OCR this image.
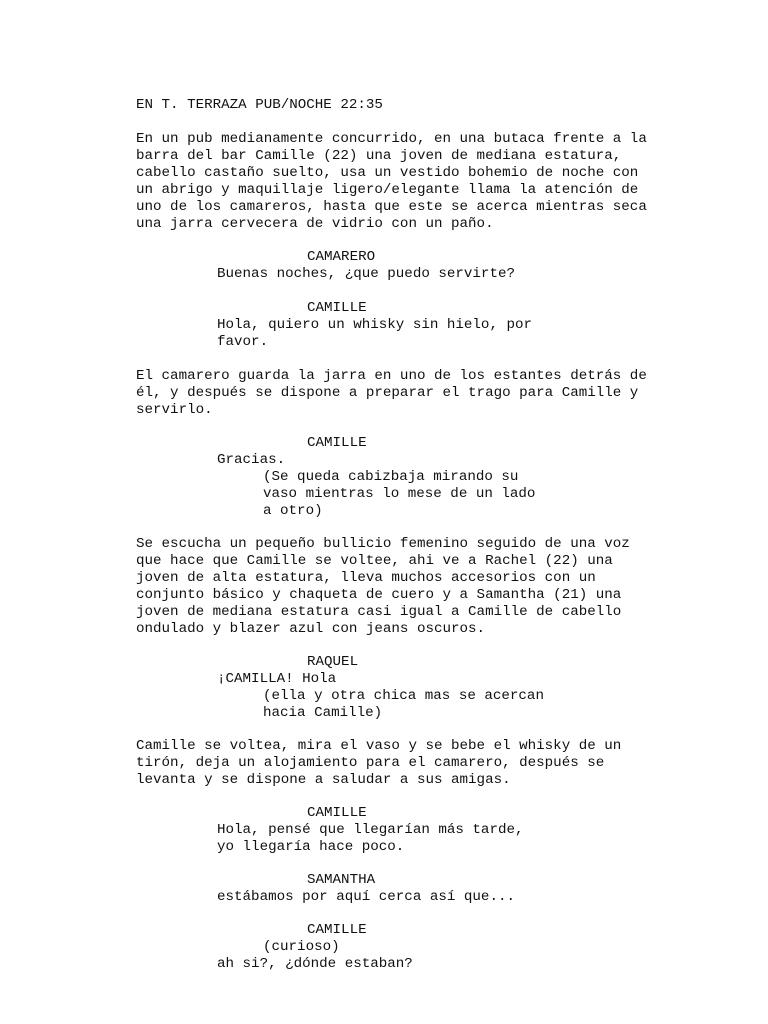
EN T. TERRAZA PUB/NOCHE 22:35
En un pub medianamente concurrido, en una butaca frente a la
barra del bar Camille (22) una joven de mediana estatura,
cabello castaño suelto, usa un vestido bohemio de noche con
un abrigo y maquillaje ligero/elegante llama la atención de
uno de los camareros, hasta que este se acerca mientras seca
una jarra cervecera de vidrio con un paño.
CAMARERO
Buenas noches, ¿que puedo servirte?
CAMILLE
Hola, quiero un whisky sin hielo, por
favor.
El camarero guarda la jarra en uno de los estantes detrás de
él, y después se dispone a preparar el trago para Camille y
servirlo.
CAMILLE
Gracias.
(Se queda cabizbaja mirando su
vaso mientras lo mese de un lado
a otro)
Se escucha un pequeño bullicio femenino seguido de una voz
que hace que Camille se voltee, ahi ve a Rachel (22) una
joven de alta estatura, lleva muchos accesorios con un
conjunto básico y chaqueta de cuero y a Samantha (21) una
joven de mediana estatura casi igual a Camille de cabello
ondulado y blazer azul con jeans oscuros.
RAQUEL
¡CAMILLA! Hola
(ella y otra chica mas se acercan
hacia Camille)
Camille se voltea, mira el vaso y se bebe el whisky de un
tirón, deja un alojamiento para el camarero, después se
levanta y se dispone a saludar a sus amigas.
CAMILLE
Hola, pensé que llegarían más tarde,
yo llegaría hace poco.
SAMANTHA
estábamos por aquí cerca así que...
CAMILLE
(curioso)
ah si?, ¿dónde estaban?
